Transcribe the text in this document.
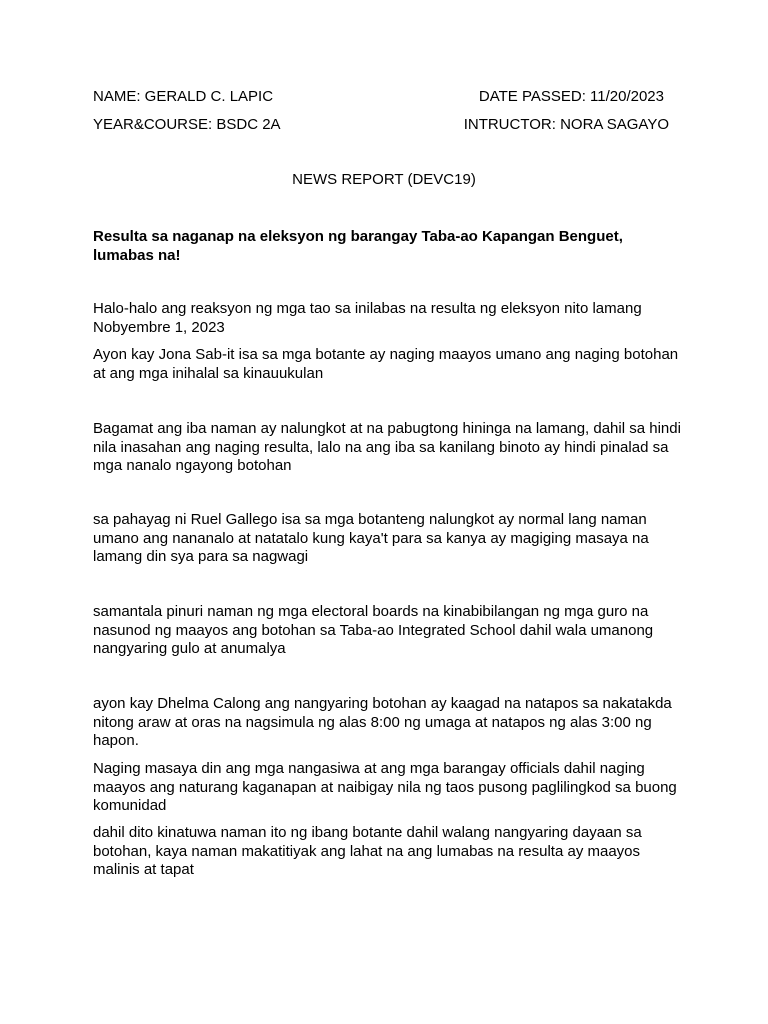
NAME: GERALD C. LAPIC	DATE PASSED: 11/20/2023
YEAR&COURSE: BSDC 2A	INTRUCTOR: NORA SAGAYO
NEWS REPORT (DEVC19)

Resulta sa naganap na eleksyon ng barangay Taba-ao Kapangan Benguet, lumabas na!

Halo-halo ang reaksyon ng mga tao sa inilabas na resulta ng eleksyon nito lamang Nobyembre 1, 2023

Ayon kay Jona Sab-it isa sa mga botante ay naging maayos umano ang naging botohan at ang mga inihalal sa kinauukulan

Bagamat ang iba naman ay nalungkot at na pabugtong hininga na lamang, dahil sa hindi nila inasahan ang naging resulta, lalo na ang iba sa kanilang binoto ay hindi pinalad sa mga nanalo ngayong botohan

sa pahayag ni Ruel Gallego isa sa mga botanteng nalungkot ay normal lang naman umano ang nananalo at natatalo kung kaya't para sa kanya ay magiging masaya na lamang din sya para sa nagwagi

samantala pinuri naman ng mga electoral boards na kinabibilangan ng mga guro na nasunod ng maayos ang botohan sa Taba-ao Integrated School dahil wala umanong nangyaring gulo at anumalya

ayon kay Dhelma Calong ang nangyaring botohan ay kaagad na natapos sa nakatakda nitong araw at oras na nagsimula ng alas 8:00 ng umaga at natapos ng alas 3:00 ng hapon.

Naging masaya din ang mga nangasiwa at ang mga barangay officials dahil naging maayos ang naturang kaganapan at naibigay nila ng taos pusong paglilingkod sa buong komunidad

dahil dito kinatuwa naman ito ng ibang botante dahil walang nangyaring dayaan sa botohan, kaya naman makatitiyak ang lahat na ang lumabas na resulta ay maayos malinis at tapat
